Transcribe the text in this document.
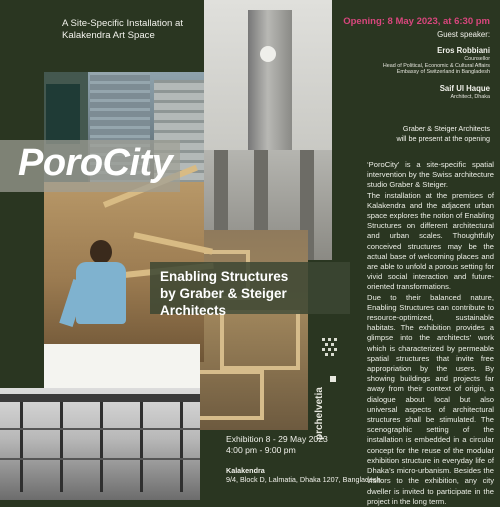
A Site-Specific Installation at
Kalakendra Art Space
PoroCity
Enabling Structures
by Graber & Steiger Architects
Opening: 8 May 2023, at 6:30 pm
Guest speaker:
Eros Robbiani
Counsellor
Head of Political, Economic & Cultural Affairs
Embassy of Switzerland in Bangladesh
Saif Ul Haque
Architect, Dhaka
Graber & Steiger Architects
will be present at the opening

‘PoroCity’ is a site-specific spatial intervention by the Swiss architecture studio Graber & Steiger.

The installation at the premises of Kalakendra and the adjacent urban space explores the notion of Enabling Structures on different architectural and urban scales. Thoughtfully conceived structures may be the actual base of welcoming places and are able to unfold a porous setting for vivid social interaction and future-oriented transformations.

Due to their balanced nature, Enabling Structures can contribute to resource-optimized, sustainable habitats. The exhibition provides a glimpse into the architects’ work which is characterized by permeable spatial structures that invite free appropriation by the users. By showing buildings and projects far away from their context of origin, a dialogue about local but also universal aspects of architectural structures shall be stimulated. The scenographic setting of the installation is embedded in a circular concept for the reuse of the modular exhibition structure in everyday life of Dhaka’s micro-urbanism. Besides the visitors to the exhibition, any city dweller is invited to participate in the project in the long term.

prchelvetia
Exhibition 8 - 29 May 2023
4:00 pm - 9:00 pm
Kalakendra
9/4, Block D, Lalmatia, Dhaka 1207, Bangladesh
